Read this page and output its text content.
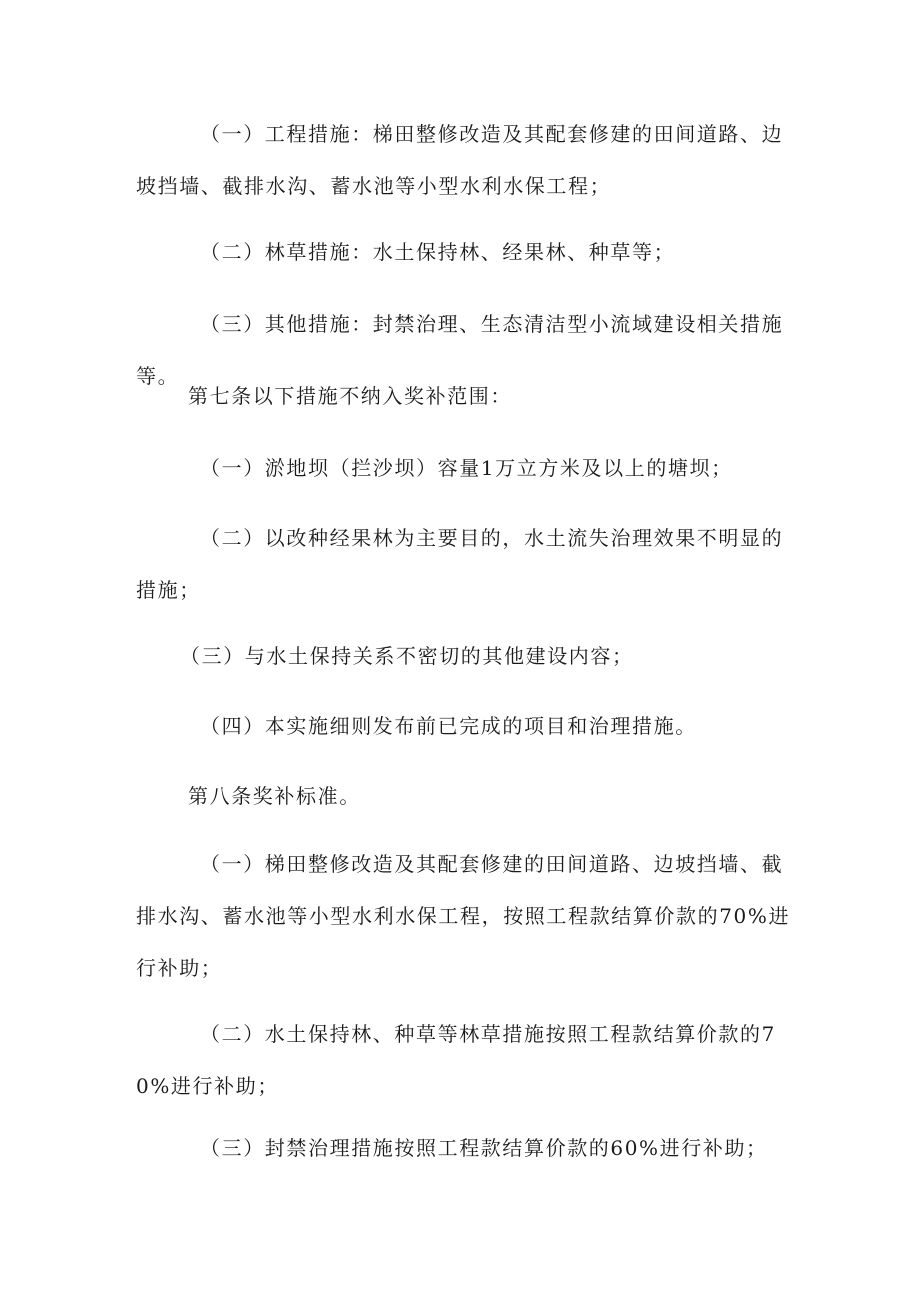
（一）工程措施：梯田整修改造及其配套修建的田间道路、边坡挡墙、截排水沟、蓄水池等小型水利水保工程；

（二）林草措施：水土保持林、经果林、种草等；

（三）其他措施：封禁治理、生态清洁型小流域建设相关措施等。

第七条以下措施不纳入奖补范围：

（一）淤地坝（拦沙坝）容量1万立方米及以上的塘坝；

（二）以改种经果林为主要目的，水土流失治理效果不明显的措施；

（三）与水土保持关系不密切的其他建设内容；

（四）本实施细则发布前已完成的项目和治理措施。

第八条奖补标准。

（一）梯田整修改造及其配套修建的田间道路、边坡挡墙、截排水沟、蓄水池等小型水利水保工程，按照工程款结算价款的70%进行补助；

（二）水土保持林、种草等林草措施按照工程款结算价款的70%进行补助；

（三）封禁治理措施按照工程款结算价款的60%进行补助；
